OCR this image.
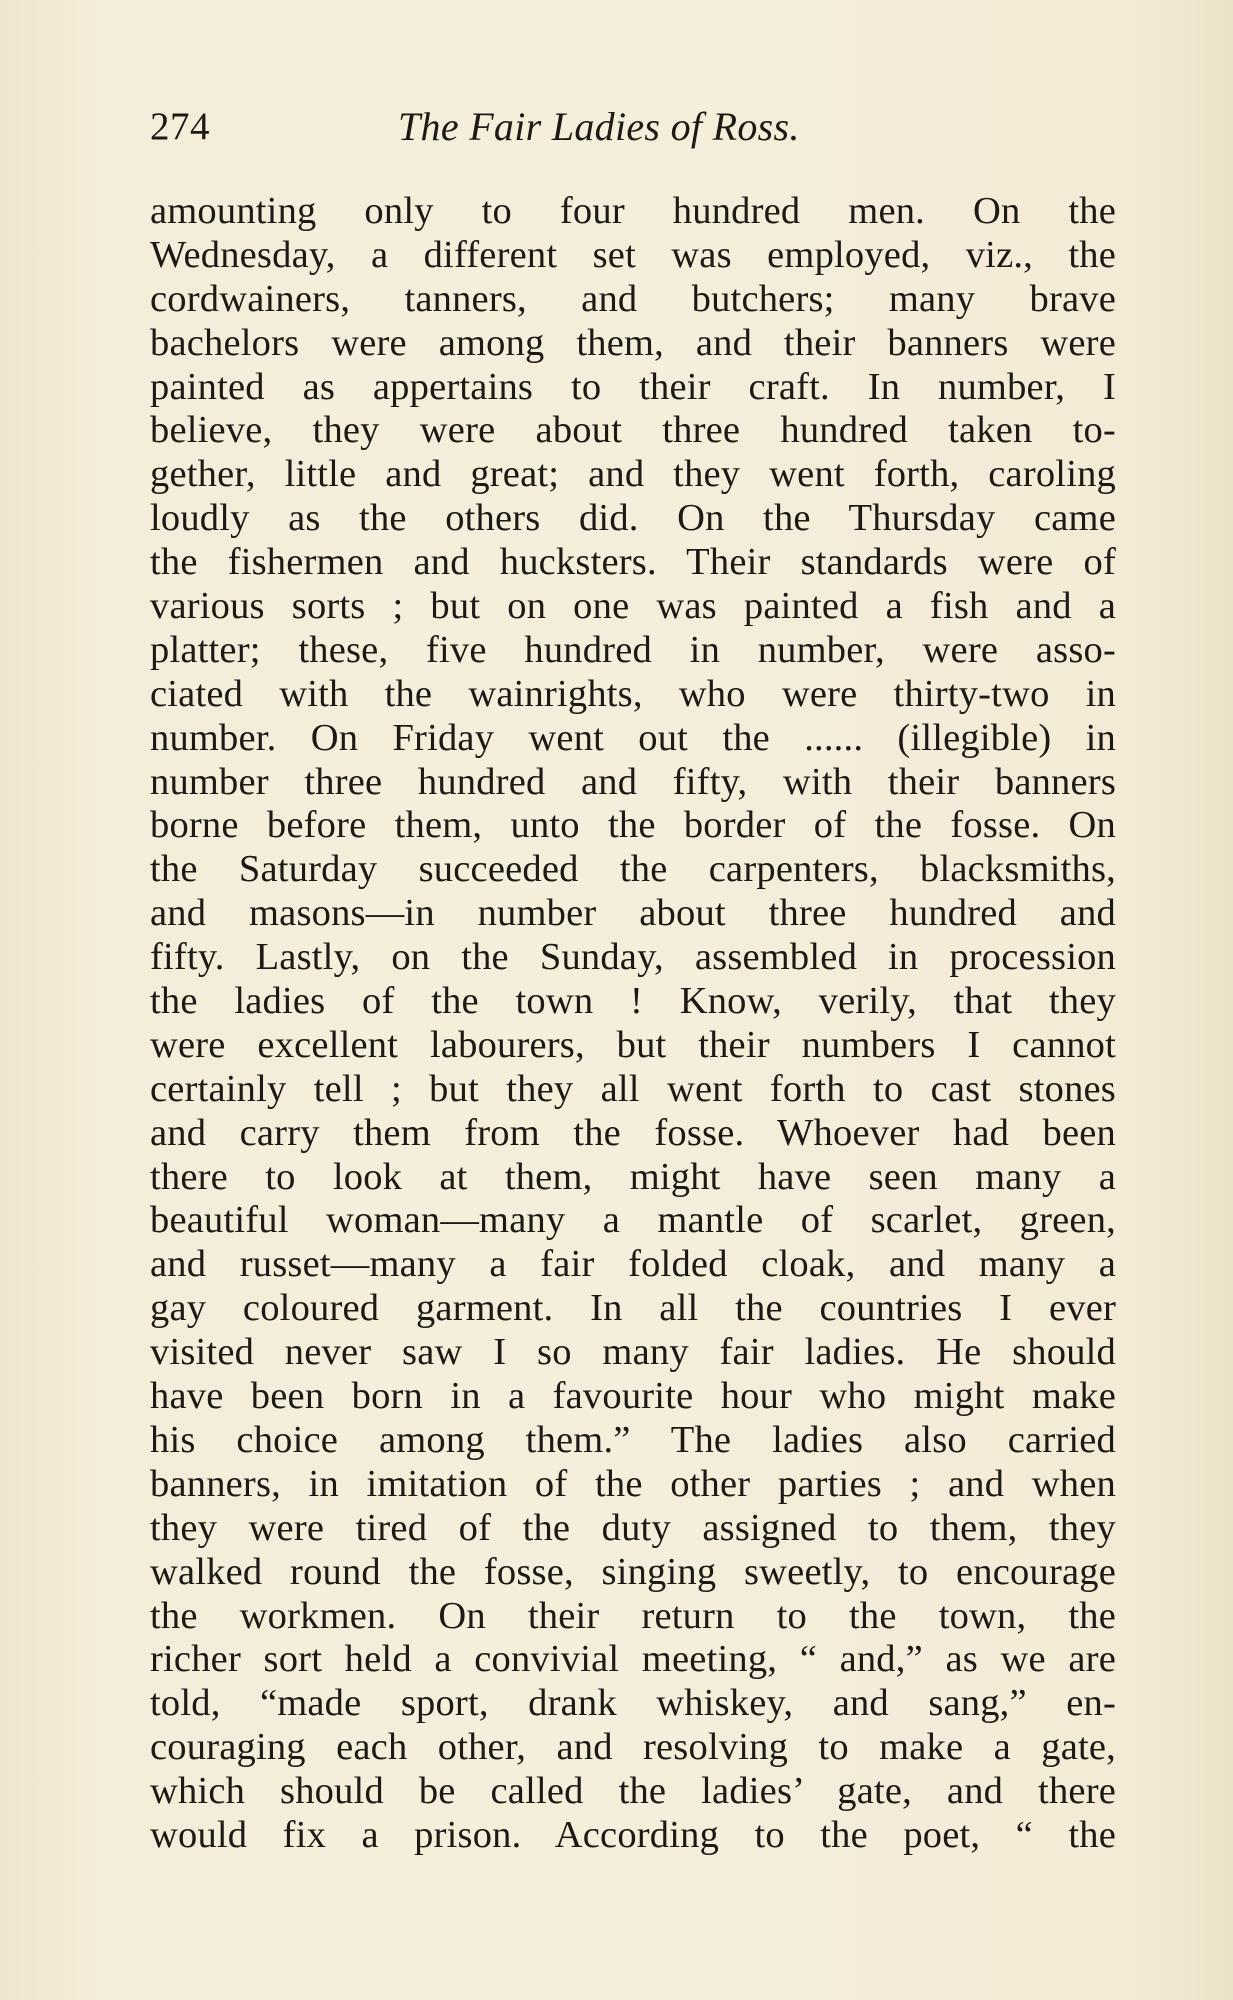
274	The Fair Ladies of Ross.
amounting only to four hundred men. On the
Wednesday, a different set was employed, viz., the
cordwainers, tanners, and butchers; many brave
bachelors were among them, and their banners were
painted as appertains to their craft. In number, I
believe, they were about three hundred taken to-
gether, little and great; and they went forth, caroling
loudly as the others did. On the Thursday came
the fishermen and hucksters. Their standards were of
various sorts ; but on one was painted a fish and a
platter; these, five hundred in number, were asso-
ciated with the wainrights, who were thirty-two in
number. On Friday went out the ...... (illegible) in
number three hundred and fifty, with their banners
borne before them, unto the border of the fosse. On
the Saturday succeeded the carpenters, blacksmiths,
and masons—in number about three hundred and
fifty. Lastly, on the Sunday, assembled in procession
the ladies of the town ! Know, verily, that they
were excellent labourers, but their numbers I cannot
certainly tell ; but they all went forth to cast stones
and carry them from the fosse. Whoever had been
there to look at them, might have seen many a
beautiful woman—many a mantle of scarlet, green,
and russet—many a fair folded cloak, and many a
gay coloured garment. In all the countries I ever
visited never saw I so many fair ladies. He should
have been born in a favourite hour who might make
his choice among them.” The ladies also carried
banners, in imitation of the other parties ; and when
they were tired of the duty assigned to them, they
walked round the fosse, singing sweetly, to encourage
the workmen. On their return to the town, the
richer sort held a convivial meeting, “ and,” as we are
told, “made sport, drank whiskey, and sang,” en-
couraging each other, and resolving to make a gate,
which should be called the ladies’ gate, and there
would fix a prison. According to the poet, “ the
